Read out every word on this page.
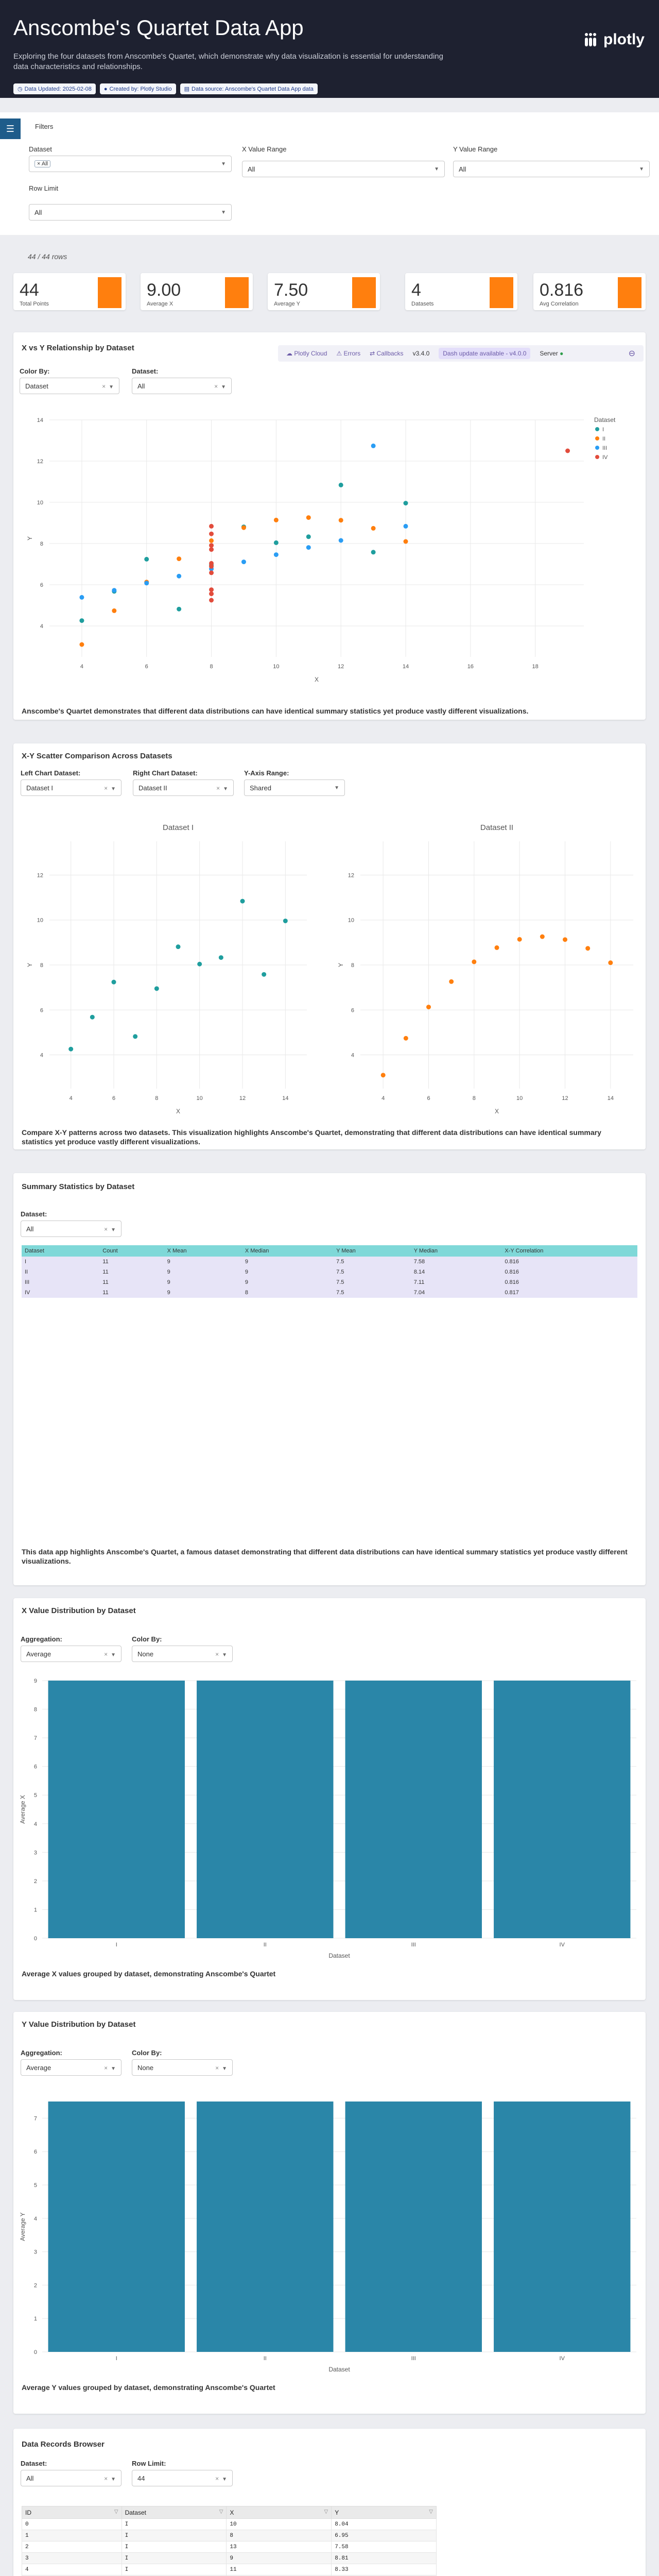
Anscombe's Quartet Data App
Exploring the four datasets from Anscombe's Quartet, which demonstrate why data visualization is essential for understanding data characteristics and relationships.
◷ Data Updated: 2025-02-08 ● Created by: Plotly Studio ▤ Data source: Anscombe's Quartet Data App data
plotly
☰	Filters
Dataset
× All	▼
X Value Range
All	▼
Y Value Range
All	▼
Row Limit
All	▼
44 / 44 rows
44
Total Points
9.00
Average X
7.50
Average Y
4
Datasets
0.816
Avg Correlation
☁ Plotly Cloud ⚠ Errors ⇄ Callbacks v3.4.0	Dash update available - v4.0.0	Server ●	⊖
X vs Y Relationship by Dataset
Color By:
Dataset	× ▼
Dataset:
All	× ▼
4	6	8	10	12	14	16	18
4
6
8
10
12
14
X
Y
Dataset
I
II
III
IV
Anscombe's Quartet demonstrates that different data distributions can have identical summary statistics yet produce vastly different visualizations.
X-Y Scatter Comparison Across Datasets
Left Chart Dataset:
Dataset I	× ▼
Right Chart Dataset:
Dataset II	× ▼
Y-Axis Range:
Shared	▼
4	6	8	10	12	14
4
6
8
10
12
X
Y
Dataset I
4	6	8	10	12	14
4
6
8
10
12
X
Y
Dataset II
Compare X-Y patterns across two datasets. This visualization highlights Anscombe's Quartet, demonstrating that different data distributions can have identical summary statistics yet produce vastly different visualizations.
Summary Statistics by Dataset
Dataset:
All	× ▼
Dataset	Count	X Mean	X Median	Y Mean	Y Median	X-Y Correlation
I	11	9	9	7.5	7.58	0.816
II	11	9	9	7.5	8.14	0.816
III	11	9	9	7.5	7.11	0.816
IV	11	9	8	7.5	7.04	0.817
This data app highlights Anscombe's Quartet, a famous dataset demonstrating that different data distributions can have identical summary statistics yet produce vastly different visualizations.
X Value Distribution by Dataset
Aggregation:
Average	× ▼
Color By:
None	× ▼
0
1
2
3
4
5
6
7
8
9
I	II	III	IV
Dataset
Average X
Average X values grouped by dataset, demonstrating Anscombe's Quartet
Y Value Distribution by Dataset
Aggregation:
Average	× ▼
Color By:
None	× ▼
0
1
2
3
4
5
6
7
I	II	III	IV
Dataset
Average Y
Average Y values grouped by dataset, demonstrating Anscombe's Quartet
Data Records Browser
Dataset:
All	× ▼
Row Limit:
44	× ▼
ID ▽	Dataset ▽	X ▽	Y ▽

0	I	10	8.04
1	I	8	6.95
2	I	13	7.58
3	I	9	8.81
4	I	11	8.33
